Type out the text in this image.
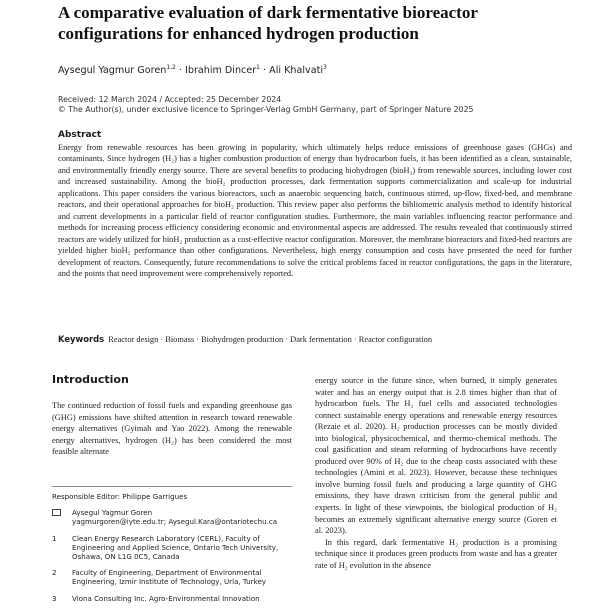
A comparative evaluation of dark fermentative bioreactor configurations for enhanced hydrogen production
Aysegul Yagmur Goren$^{1,2}$ · Ibrahim Dincer$^1$ · Ali Khalvati$^3$
Received: 12 March 2024 / Accepted: 25 December 2024
© The Author(s), under exclusive licence to Springer-Verlag GmbH Germany, part of Springer Nature 2025
Abstract
Energy from renewable resources has been growing in popularity, which ultimately helps reduce emissions of greenhouse gases (GHGs) and contaminants. Since hydrogen (H₂) has a higher combustion production of energy than hydrocarbon fuels, it has been identified as a clean, sustainable, and environmentally friendly energy source. There are several benefits to producing biohydrogen (bioH₂) from renewable sources, including lower cost and increased sustainability. Among the bioH₂ production processes, dark fermentation supports commercialization and scale-up for industrial applications. This paper considers the various bioreactors, such as anaerobic sequencing batch, continuous stirred, up-flow, fixed-bed, and membrane reactors, and their operational approaches for bioH₂ production. This review paper also performs the bibliometric analysis method to identify historical and current developments in a particular field of reactor configuration studies. Furthermore, the main variables influencing reactor performance and methods for increasing process efficiency considering economic and environmental aspects are addressed. The results revealed that continuously stirred reactors are widely utilized for bioH₂ production as a cost-effective reactor configuration. Moreover, the membrane bioreactors and fixed-bed reactors are yielded higher bioH₂ performance than other configurations. Nevertheless, high energy consumption and costs have presented the need for further development of reactors. Consequently, future recommendations to solve the critical problems faced in reactor configurations, the gaps in the literature, and the points that need improvement were comprehensively reported.
Keywords Reactor design · Biomass · Biohydrogen production · Dark fermentation · Reactor configuration
Introduction

The continued reduction of fossil fuels and expanding greenhouse gas (GHG) emissions have shifted attention in research toward renewable energy alternatives (Gyimah and Yao 2022). Among the renewable energy alternatives, hydrogen (H₂) has been considered the most feasible alternate

energy source in the future since, when burned, it simply generates water and has an energy output that is 2.8 times higher than that of hydrocarbon fuels. The H₂ fuel cells and associated technologies connect sustainable energy operations and renewable energy resources (Rezaie et al. 2020). H₂ production processes can be mostly divided into biological, physicochemical, and thermo-chemical methods. The coal gasification and steam reforming of hydrocarbons have recently produced over 90% of H₂ due to the cheap costs associated with these technologies (Amini et al. 2023). However, because these techniques involve burning fossil fuels and producing a large quantity of GHG emissions, they have drawn criticism from the general public and experts. In light of these viewpoints, the biological production of H₂ becomes an extremely significant alternative energy source (Goren et al. 2023).

In this regard, dark fermentative H₂ production is a promising technique since it produces green products from waste and has a greater rate of H₂ evolution in the absence

Responsible Editor: Philippe Garrigues
Aysegul Yagmur Goren
yagmurgoren@iyte.edu.tr; Aysegul.Kara@ontariotechu.ca
1	Clean Energy Research Laboratory (CERL), Faculty of Engineering and Applied Science, Ontario Tech University, Oshawa, ON L1G 0C5, Canada
2	Faculty of Engineering, Department of Environmental Engineering, Izmir Institute of Technology, Urla, Turkey
3	Viona Consulting Inc. Agro-Environmental Innovation
